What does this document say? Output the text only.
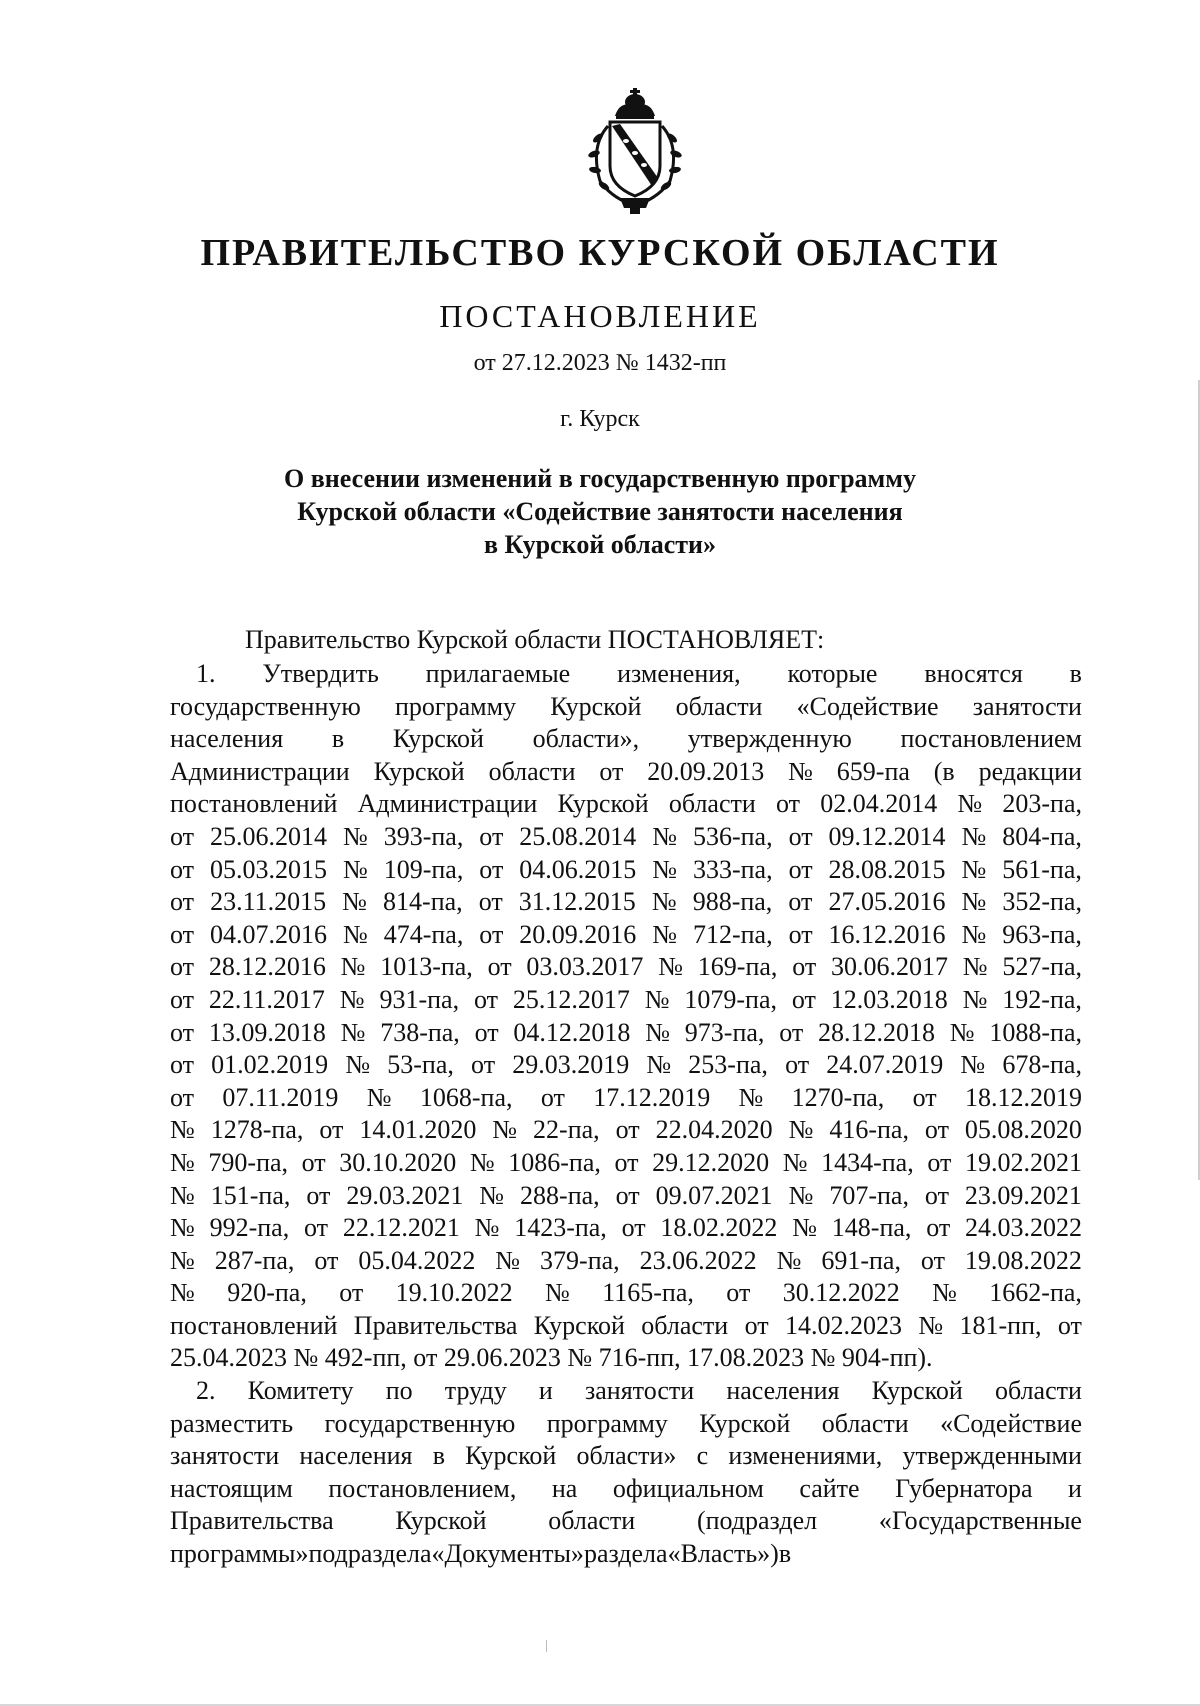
ПРАВИТЕЛЬСТВО КУРСКОЙ ОБЛАСТИ
ПОСТАНОВЛЕНИЕ
от 27.12.2023 № 1432-пп
г. Курск
О внесении изменений в государственную программу
Курской области «Содействие занятости населения
в Курской области»
Правительство Курской области ПОСТАНОВЛЯЕТ:
1. Утвердить прилагаемые изменения, которые вносятся в
государственную программу Курской области «Содействие занятости
населения в Курской области», утвержденную постановлением
Администрации Курской области от 20.09.2013 № 659-па (в редакции
постановлений Администрации Курской области от 02.04.2014 № 203-па,
от 25.06.2014 № 393-па, от 25.08.2014 № 536-па, от 09.12.2014 № 804-па,
от 05.03.2015 № 109-па, от 04.06.2015 № 333-па, от 28.08.2015 № 561-па,
от 23.11.2015 № 814-па, от 31.12.2015 № 988-па, от 27.05.2016 № 352-па,
от 04.07.2016 № 474-па, от 20.09.2016 № 712-па, от 16.12.2016 № 963-па,
от 28.12.2016 № 1013-па, от 03.03.2017 № 169-па, от 30.06.2017 № 527-па,
от 22.11.2017 № 931-па, от 25.12.2017 № 1079-па, от 12.03.2018 № 192-па,
от 13.09.2018 № 738-па, от 04.12.2018 № 973-па, от 28.12.2018 № 1088-па,
от 01.02.2019 № 53-па, от 29.03.2019 № 253-па, от 24.07.2019 № 678-па,
от 07.11.2019 № 1068-па, от 17.12.2019 № 1270-па, от 18.12.2019
№ 1278-па, от 14.01.2020 № 22-па, от 22.04.2020 № 416-па, от 05.08.2020
№ 790-па, от 30.10.2020 № 1086-па, от 29.12.2020 № 1434-па, от 19.02.2021
№ 151-па, от 29.03.2021 № 288-па, от 09.07.2021 № 707-па, от 23.09.2021
№ 992-па, от 22.12.2021 № 1423-па, от 18.02.2022 № 148-па, от 24.03.2022
№ 287-па, от 05.04.2022 № 379-па, 23.06.2022 № 691-па, от 19.08.2022
№ 920-па, от 19.10.2022 № 1165-па, от 30.12.2022 № 1662-па,
постановлений Правительства Курской области от 14.02.2023 № 181-пп, от
25.04.2023 № 492-пп, от 29.06.2023 № 716-пп, 17.08.2023 № 904-пп).
2. Комитету по труду и занятости населения Курской области
разместить государственную программу Курской области «Содействие
занятости населения в Курской области» с изменениями, утвержденными
настоящим постановлением, на официальном сайте Губернатора и
Правительства Курской области (подраздел «Государственные
программы» подраздела «Документы» раздела «Власть») в
